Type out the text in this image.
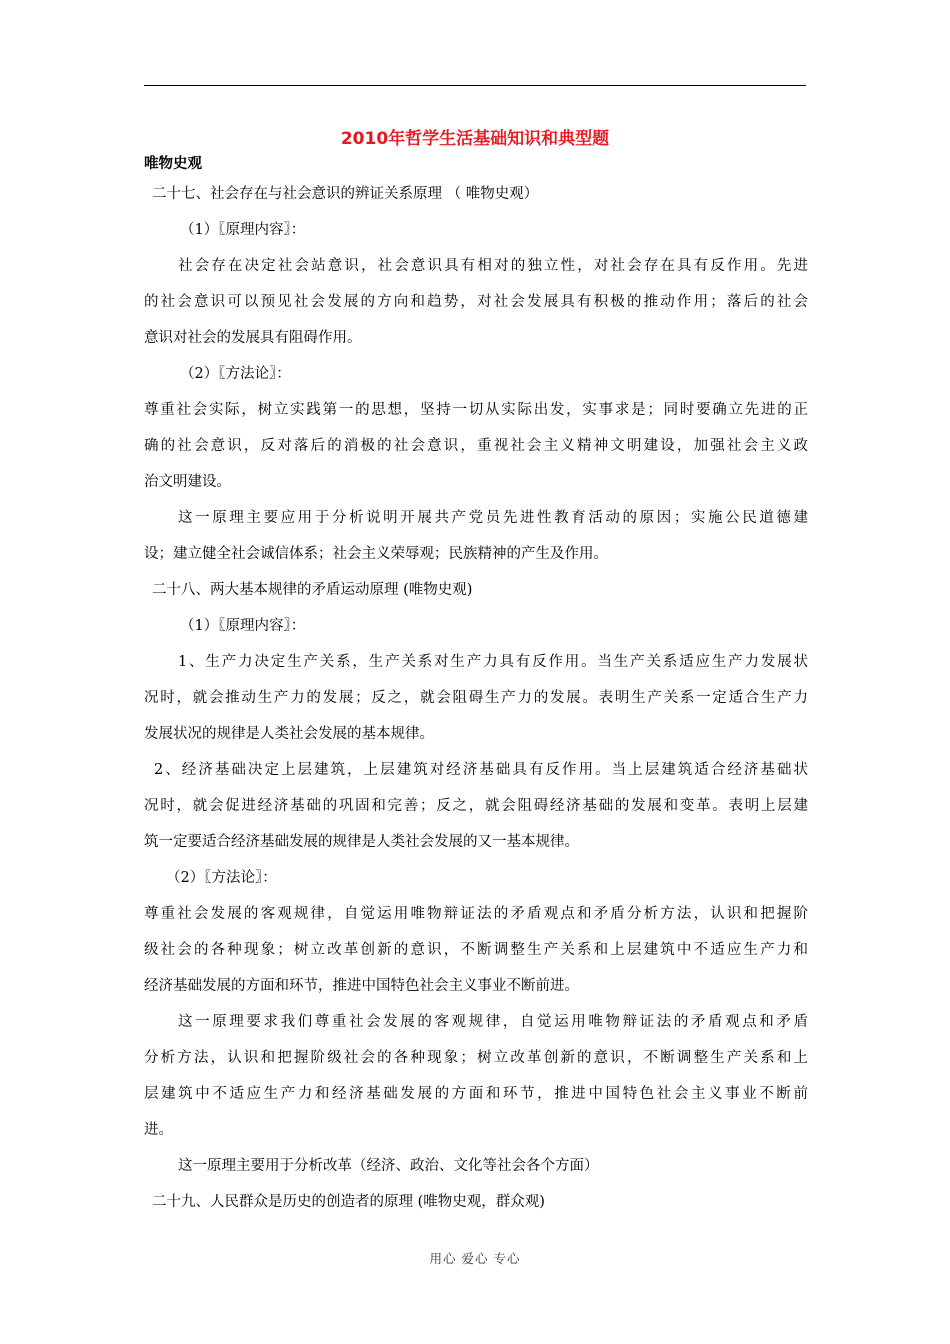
2010年哲学生活基础知识和典型题
唯物史观
二十七、社会存在与社会意识的辨证关系原理 （ 唯物史观）
（1）〖原理内容〗：
社会存在决定社会站意识，社会意识具有相对的独立性，对社会存在具有反作用。先进
的社会意识可以预见社会发展的方向和趋势，对社会发展具有积极的推动作用；落后的社会
意识对社会的发展具有阻碍作用。
（2）〖方法论〗：
尊重社会实际，树立实践第一的思想，坚持一切从实际出发，实事求是；同时要确立先进的正
确的社会意识，反对落后的消极的社会意识，重视社会主义精神文明建设，加强社会主义政
治文明建设。
这一原理主要应用于分析说明开展共产党员先进性教育活动的原因；实施公民道德建
设；建立健全社会诚信体系；社会主义荣辱观；民族精神的产生及作用。
二十八、两大基本规律的矛盾运动原理 (唯物史观)
（1）〖原理内容〗：
1、生产力决定生产关系，生产关系对生产力具有反作用。当生产关系适应生产力发展状
况时，就会推动生产力的发展；反之，就会阻碍生产力的发展。表明生产关系一定适合生产力
发展状况的规律是人类社会发展的基本规律。
2、经济基础决定上层建筑，上层建筑对经济基础具有反作用。当上层建筑适合经济基础状
况时，就会促进经济基础的巩固和完善；反之，就会阻碍经济基础的发展和变革。表明上层建
筑一定要适合经济基础发展的规律是人类社会发展的又一基本规律。
（2）〖方法论〗：
尊重社会发展的客观规律，自觉运用唯物辩证法的矛盾观点和矛盾分析方法，认识和把握阶
级社会的各种现象；树立改革创新的意识，不断调整生产关系和上层建筑中不适应生产力和
经济基础发展的方面和环节，推进中国特色社会主义事业不断前进。
这一原理要求我们尊重社会发展的客观规律，自觉运用唯物辩证法的矛盾观点和矛盾
分析方法，认识和把握阶级社会的各种现象；树立改革创新的意识，不断调整生产关系和上
层建筑中不适应生产力和经济基础发展的方面和环节，推进中国特色社会主义事业不断前
进。
这一原理主要用于分析改革（经济、政治、文化等社会各个方面）
二十九、人民群众是历史的创造者的原理 (唯物史观，群众观)
用心 爱心 专心
